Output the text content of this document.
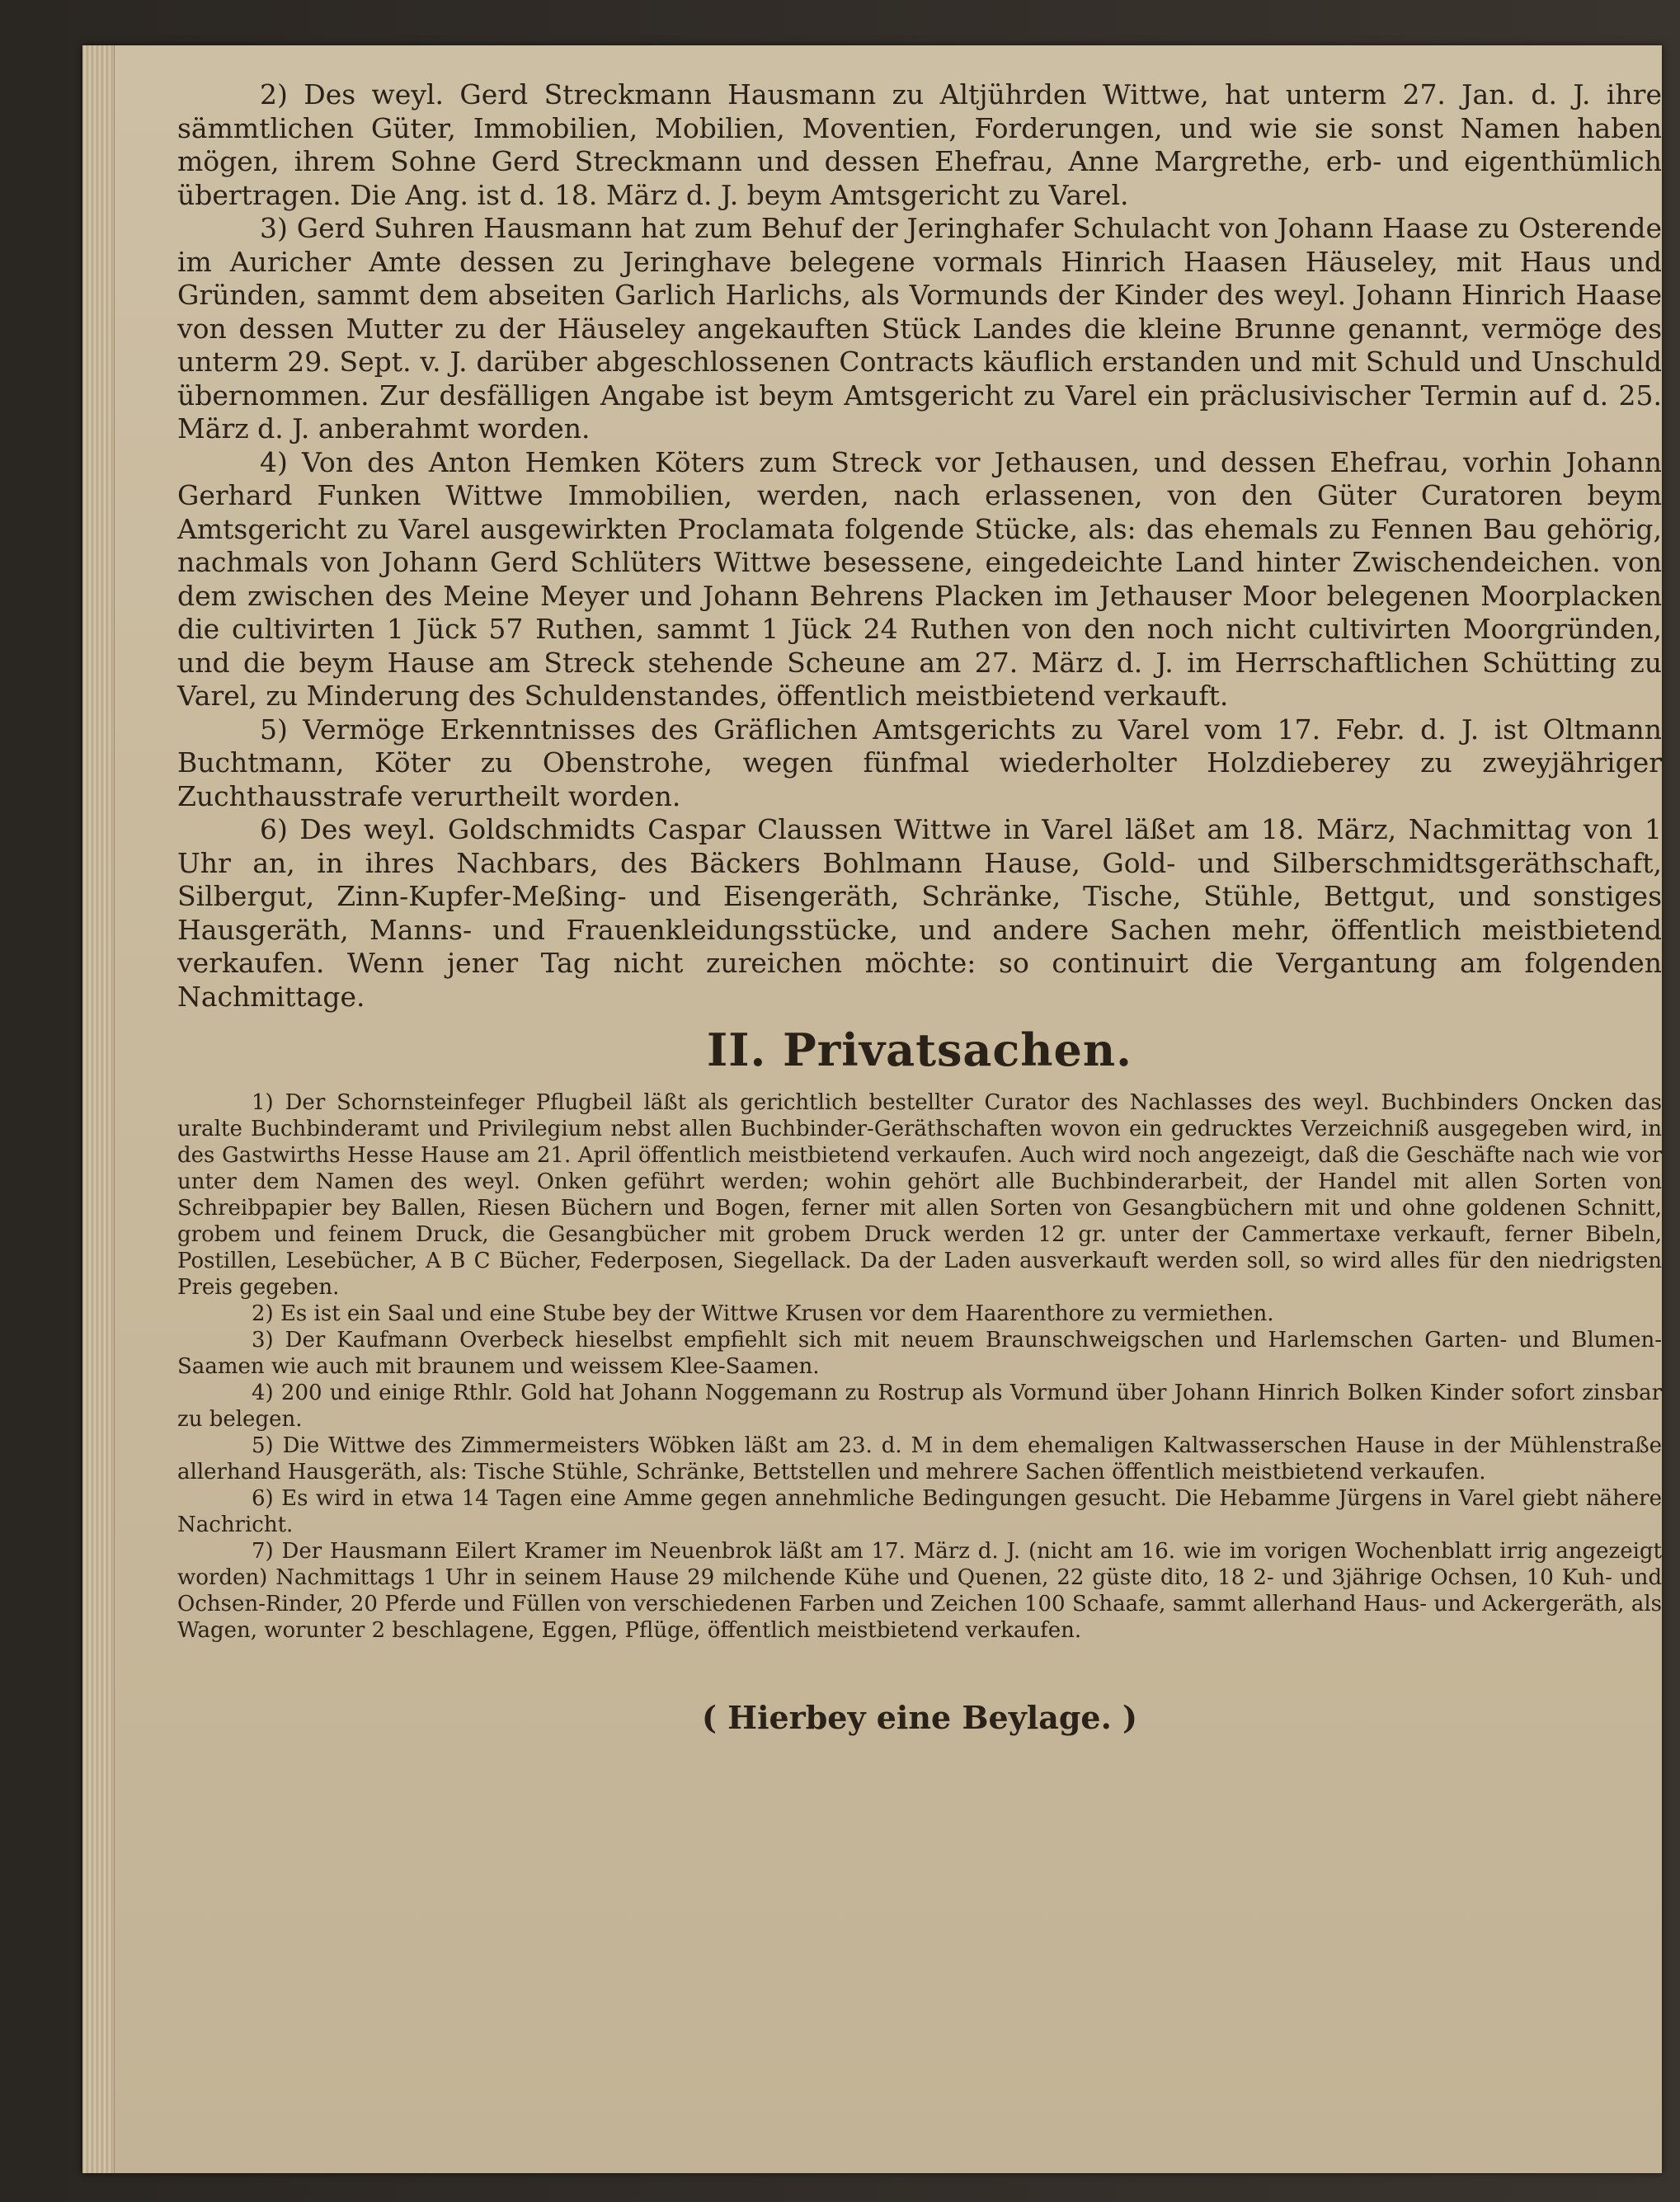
2) Des weyl. Gerd Streckmann Hausmann zu Altjührden Wittwe, hat unterm 27. Jan. d. J. ihre sämmtlichen Güter, Immobilien, Mobilien, Moventien, Forderungen, und wie sie sonst Namen haben mögen, ihrem Sohne Gerd Streckmann und dessen Ehefrau, Anne Margrethe, erb- und eigenthümlich übertragen. Die Ang. ist d. 18. März d. J. beym Amtsgericht zu Varel.

3) Gerd Suhren Hausmann hat zum Behuf der Jeringhafer Schulacht von Johann Haase zu Osterende im Auricher Amte dessen zu Jeringhave belegene vormals Hinrich Haasen Häuseley, mit Haus und Gründen, sammt dem abseiten Garlich Harlichs, als Vormunds der Kinder des weyl. Johann Hinrich Haase von dessen Mutter zu der Häuseley angekauften Stück Landes die kleine Brunne genannt, vermöge des unterm 29. Sept. v. J. darüber abgeschlossenen Contracts käuflich erstanden und mit Schuld und Unschuld übernommen. Zur desfälligen Angabe ist beym Amtsgericht zu Varel ein präclusivischer Termin auf d. 25. März d. J. anberahmt worden.

4) Von des Anton Hemken Köters zum Streck vor Jethausen, und dessen Ehefrau, vorhin Johann Gerhard Funken Wittwe Immobilien, werden, nach erlassenen, von den Güter Curatoren beym Amtsgericht zu Varel ausgewirkten Proclamata folgende Stücke, als: das ehemals zu Fennen Bau gehörig, nachmals von Johann Gerd Schlüters Wittwe besessene, eingedeichte Land hinter Zwischendeichen. von dem zwischen des Meine Meyer und Johann Behrens Placken im Jethauser Moor belegenen Moorplacken die cultivirten 1 Jück 57 Ruthen, sammt 1 Jück 24 Ruthen von den noch nicht cultivirten Moorgründen, und die beym Hause am Streck stehende Scheune am 27. März d. J. im Herrschaftlichen Schütting zu Varel, zu Minderung des Schuldenstandes, öffentlich meistbietend verkauft.

5) Vermöge Erkenntnisses des Gräflichen Amtsgerichts zu Varel vom 17. Febr. d. J. ist Oltmann Buchtmann, Köter zu Obenstrohe, wegen fünfmal wiederholter Holzdieberey zu zweyjähriger Zuchthausstrafe verurtheilt worden.

6) Des weyl. Goldschmidts Caspar Claussen Wittwe in Varel läßet am 18. März, Nachmittag von 1 Uhr an, in ihres Nachbars, des Bäckers Bohlmann Hause, Gold- und Silberschmidtsgeräthschaft, Silbergut, Zinn-Kupfer-Meßing- und Eisengeräth, Schränke, Tische, Stühle, Bettgut, und sonstiges Hausgeräth, Manns- und Frauenkleidungsstücke, und andere Sachen mehr, öffentlich meistbietend verkaufen. Wenn jener Tag nicht zureichen möchte: so continuirt die Vergantung am folgenden Nachmittage.

II. Privatsachen.

1) Der Schornsteinfeger Pflugbeil läßt als gerichtlich bestellter Curator des Nachlasses des weyl. Buchbinders Oncken das uralte Buchbinderamt und Privilegium nebst allen Buchbinder-Geräthschaften wovon ein gedrucktes Verzeichniß ausgegeben wird, in des Gastwirths Hesse Hause am 21. April öffentlich meistbietend verkaufen. Auch wird noch angezeigt, daß die Geschäfte nach wie vor unter dem Namen des weyl. Onken geführt werden; wohin gehört alle Buchbinderarbeit, der Handel mit allen Sorten von Schreibpapier bey Ballen, Riesen Büchern und Bogen, ferner mit allen Sorten von Gesangbüchern mit und ohne goldenen Schnitt, grobem und feinem Druck, die Gesangbücher mit grobem Druck werden 12 gr. unter der Cammertaxe verkauft, ferner Bibeln, Postillen, Lesebücher, A B C Bücher, Federposen, Siegellack. Da der Laden ausverkauft werden soll, so wird alles für den niedrigsten Preis gegeben.

2) Es ist ein Saal und eine Stube bey der Wittwe Krusen vor dem Haarenthore zu vermiethen.

3) Der Kaufmann Overbeck hieselbst empfiehlt sich mit neuem Braunschweigschen und Harlemschen Garten- und Blumen-Saamen wie auch mit braunem und weissem Klee-Saamen.

4) 200 und einige Rthlr. Gold hat Johann Noggemann zu Rostrup als Vormund über Johann Hinrich Bolken Kinder sofort zinsbar zu belegen.

5) Die Wittwe des Zimmermeisters Wöbken läßt am 23. d. M in dem ehemaligen Kaltwasserschen Hause in der Mühlenstraße allerhand Hausgeräth, als: Tische Stühle, Schränke, Bettstellen und mehrere Sachen öffentlich meistbietend verkaufen.

6) Es wird in etwa 14 Tagen eine Amme gegen annehmliche Bedingungen gesucht. Die Hebamme Jürgens in Varel giebt nähere Nachricht.

7) Der Hausmann Eilert Kramer im Neuenbrok läßt am 17. März d. J. (nicht am 16. wie im vorigen Wochenblatt irrig angezeigt worden) Nachmittags 1 Uhr in seinem Hause 29 milchende Kühe und Quenen, 22 güste dito, 18 2- und 3jährige Ochsen, 10 Kuh- und Ochsen-Rinder, 20 Pferde und Füllen von verschiedenen Farben und Zeichen 100 Schaafe, sammt allerhand Haus- und Ackergeräth, als Wagen, worunter 2 beschlagene, Eggen, Pflüge, öffentlich meistbietend verkaufen.

( Hierbey eine Beylage. )
